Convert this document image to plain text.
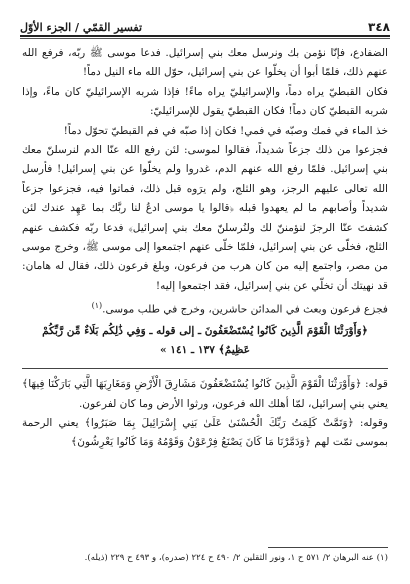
٣٤٨
تفسير القمّي / الجزء الأوّل

الضفادع، فإنّا نؤمن بك ونرسل معك بني إسرائيل. فدعا موسى ﷺ ربّه، فرفع الله عنهم ذلك، فلمّا أبوا أن يخلّوا عن بني إسرائيل، حوّل الله ماء النيل دماً!

فكان القبطيّ يراه دماً، والإسرائيليّ يراه ماءً! فإذا شربه الإسرائيليّ كان ماءً، وإذا شربه القبطيّ كان دماً! فكان القبطيّ يقول للإسرائيليّ:

خذ الماء في فمك وصبّه في فمي! فكان إذا صبّه في فم القبطيّ تحوّل دماً!

فجزعوا من ذلك جزعاً شديداً، فقالوا لموسى: لئن رفع الله عنّا الدم لنرسلنّ معك بني إسرائيل. فلمّا رفع الله عنهم الدم، غدروا ولم يخلّوا عن بني إسرائيل! فأرسل الله تعالى عليهم الرجز، وهو الثلج، ولم يرَوه قبل ذلك، فماتوا فيه، فجزعوا جزعاً شديداً وأصابهم ما لم يعهدوا قبله ﴿قالوا يا موسى ادعُ لنا ربَّك بما عَهِد عندك لئن كشفتَ عنّا الرجزَ لنؤمننّ لك ولنُرسلنّ معك بني إسرائيل﴾ فدعا ربّه فكشف عنهم الثلج، فخلّى عن بني إسرائيل، فلمّا خلّى عنهم اجتمعوا إلى موسى ﷺ، وخرج موسى من مصر، واجتمع إليه من كان هرب من فرعون، وبلغ فرعون ذلك، فقال له هامان: قد نهيتك أن تخلّي عن بني إسرائيل، فقد اجتمعوا إليه!

فجزع فرعون وبعث في المدائن حاشرين، وخرج في طلب موسى.$^{(١)}$

﴿وَأَوْرَثْنَا الْقَوْمَ الَّذِينَ كَانُوا يُسْتَضْعَفُونَ ـ إلى قوله ـ وَفِي ذَٰلِكُم بَلَاءٌ مِّن رَّبِّكُمْ عَظِيمٌ﴾ ١٣٧ ـ ١٤١ »

قوله: ﴿وَأَوْرَثْنَا الْقَوْمَ الَّذِينَ كَانُوا يُسْتَضْعَفُونَ مَشَارِقَ الْأَرْضِ وَمَغَارِبَهَا الَّتِي بَارَكْنَا فِيهَا﴾ يعني بني إسرائيل، لمّا أهلك الله فرعون، ورثوا الأرض وما كان لفرعون.

وقوله: ﴿وَتَمَّتْ كَلِمَتُ رَبِّكَ الْحُسْنَىٰ عَلَىٰ بَنِي إِسْرَائِيلَ بِمَا صَبَرُوا﴾ يعني الرحمة بموسى تمّت لهم ﴿وَدَمَّرْنَا مَا كَانَ يَصْنَعُ فِرْعَوْنُ وَقَوْمُهُ وَمَا كَانُوا يَعْرِشُونَ﴾

(١) عنه البرهان ٢/ ٥٧١ ح ١، ونور الثقلين ٢/ ٤٩٠ ح ٢٢٤ (صدره)، و ٤٩٣ ح ٢٢٩ (ذيله).
